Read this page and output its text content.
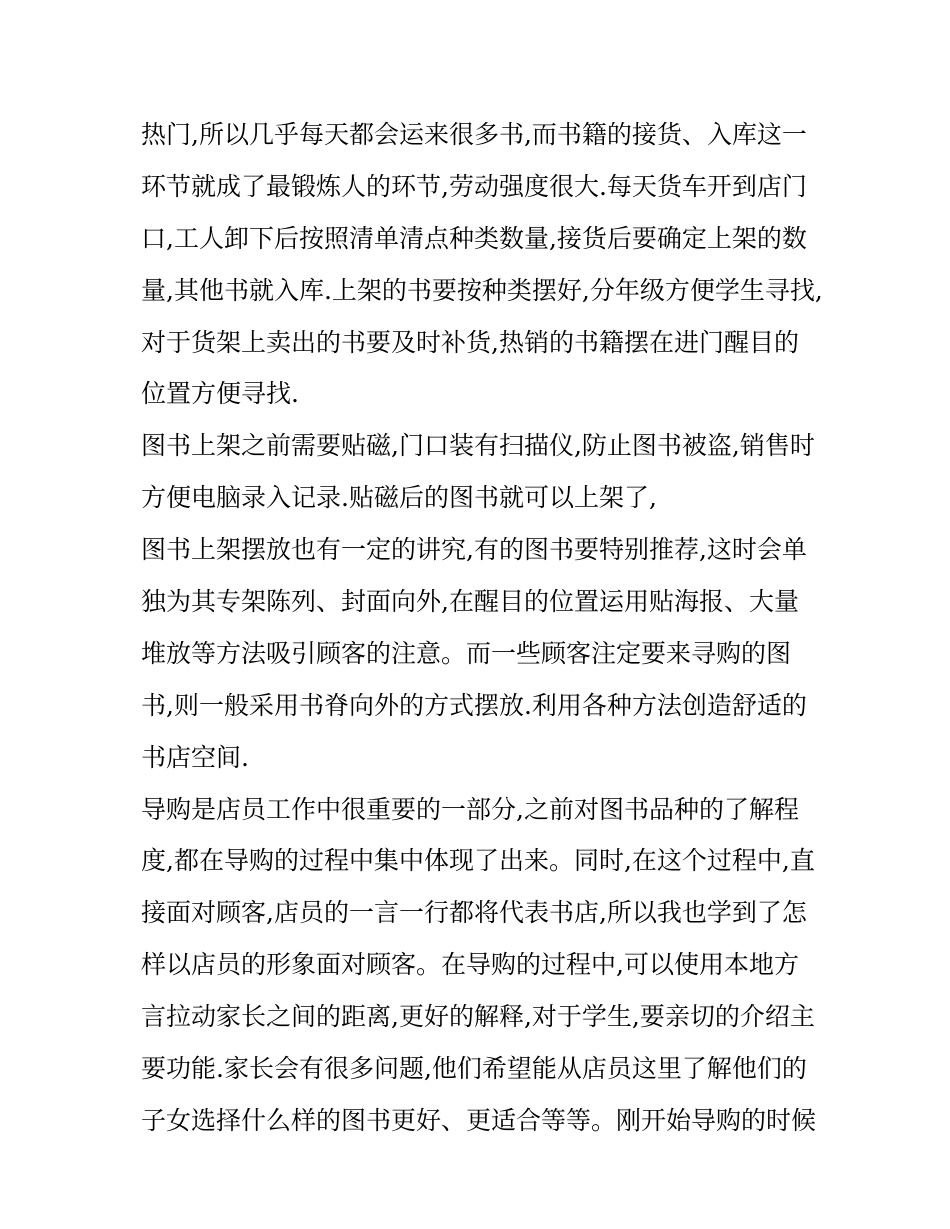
热门,所以几乎每天都会运来很多书,而书籍的接货、入库这一
环节就成了最锻炼人的环节,劳动强度很大.每天货车开到店门
口,工人卸下后按照清单清点种类数量,接货后要确定上架的数
量,其他书就入库.上架的书要按种类摆好,分年级方便学生寻找,
对于货架上卖出的书要及时补货,热销的书籍摆在进门醒目的
位置方便寻找.
图书上架之前需要贴磁,门口装有扫描仪,防止图书被盗,销售时
方便电脑录入记录.贴磁后的图书就可以上架了,
图书上架摆放也有一定的讲究,有的图书要特别推荐,这时会单
独为其专架陈列、封面向外,在醒目的位置运用贴海报、大量
堆放等方法吸引顾客的注意。而一些顾客注定要来寻购的图
书,则一般采用书脊向外的方式摆放.利用各种方法创造舒适的
书店空间.
导购是店员工作中很重要的一部分,之前对图书品种的了解程
度,都在导购的过程中集中体现了出来。同时,在这个过程中,直
接面对顾客,店员的一言一行都将代表书店,所以我也学到了怎
样以店员的形象面对顾客。在导购的过程中,可以使用本地方
言拉动家长之间的距离,更好的解释,对于学生,要亲切的介绍主
要功能.家长会有很多问题,他们希望能从店员这里了解他们的
子女选择什么样的图书更好、更适合等等。刚开始导购的时候
